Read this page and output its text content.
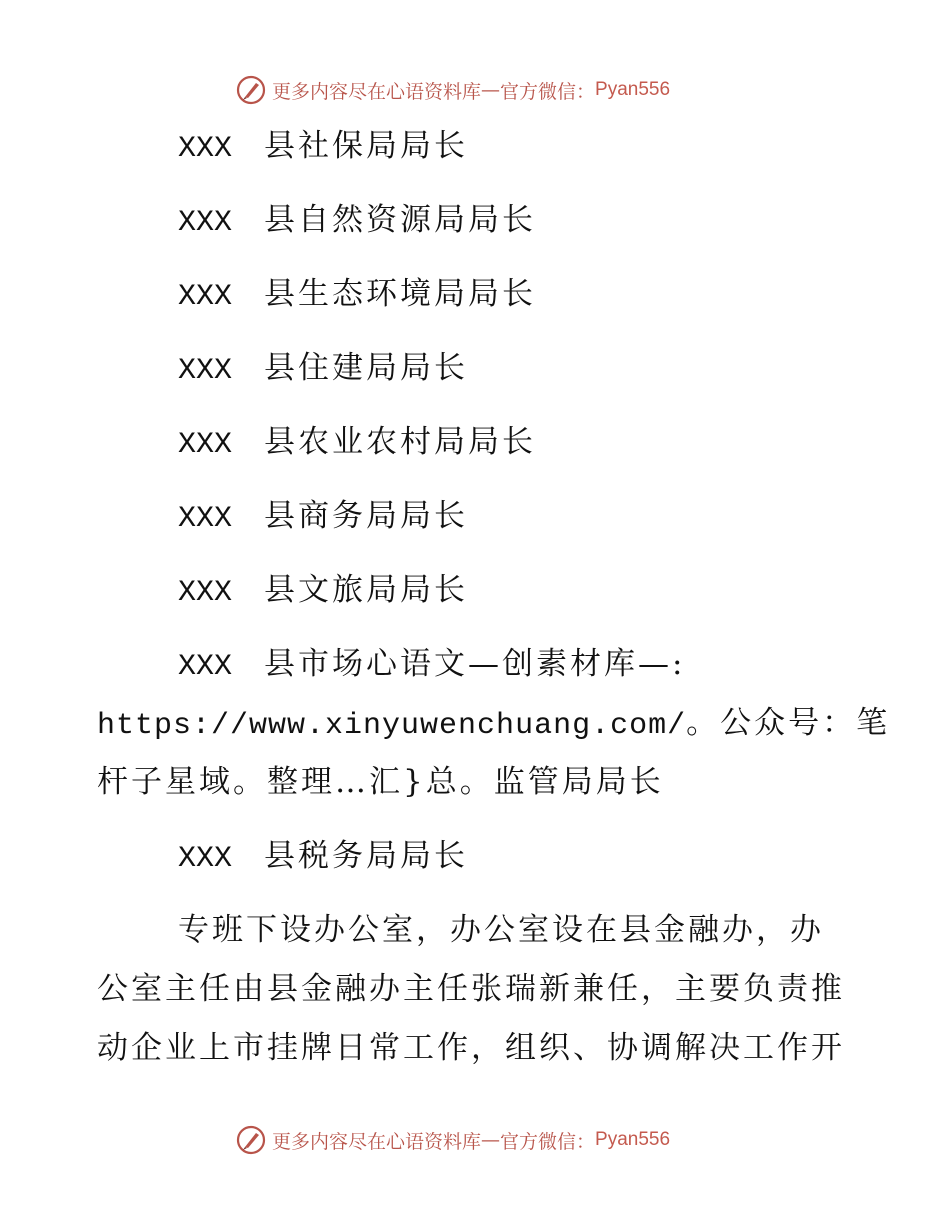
更多内容尽在心语资料库 — 官方微信： Pyan556
XXX 县社保局局长
XXX 县自然资源局局长
XXX 县生态环境局局长
XXX 县住建局局长
XXX 县农业农村局局长
XXX 县商务局局长
XXX 县文旅局局长
XXX 县市场心语文—创素材库—:
https://www.xinyuwenchuang.com/。公众号：笔
杆子星域。整理…汇}总。监管局局长
XXX 县税务局局长
专班下设办公室，办公室设在县金融办，办
公室主任由县金融办主任张瑞新兼任，主要负责推
动企业上市挂牌日常工作，组织、协调解决工作开
更多内容尽在心语资料库 — 官方微信： Pyan556
